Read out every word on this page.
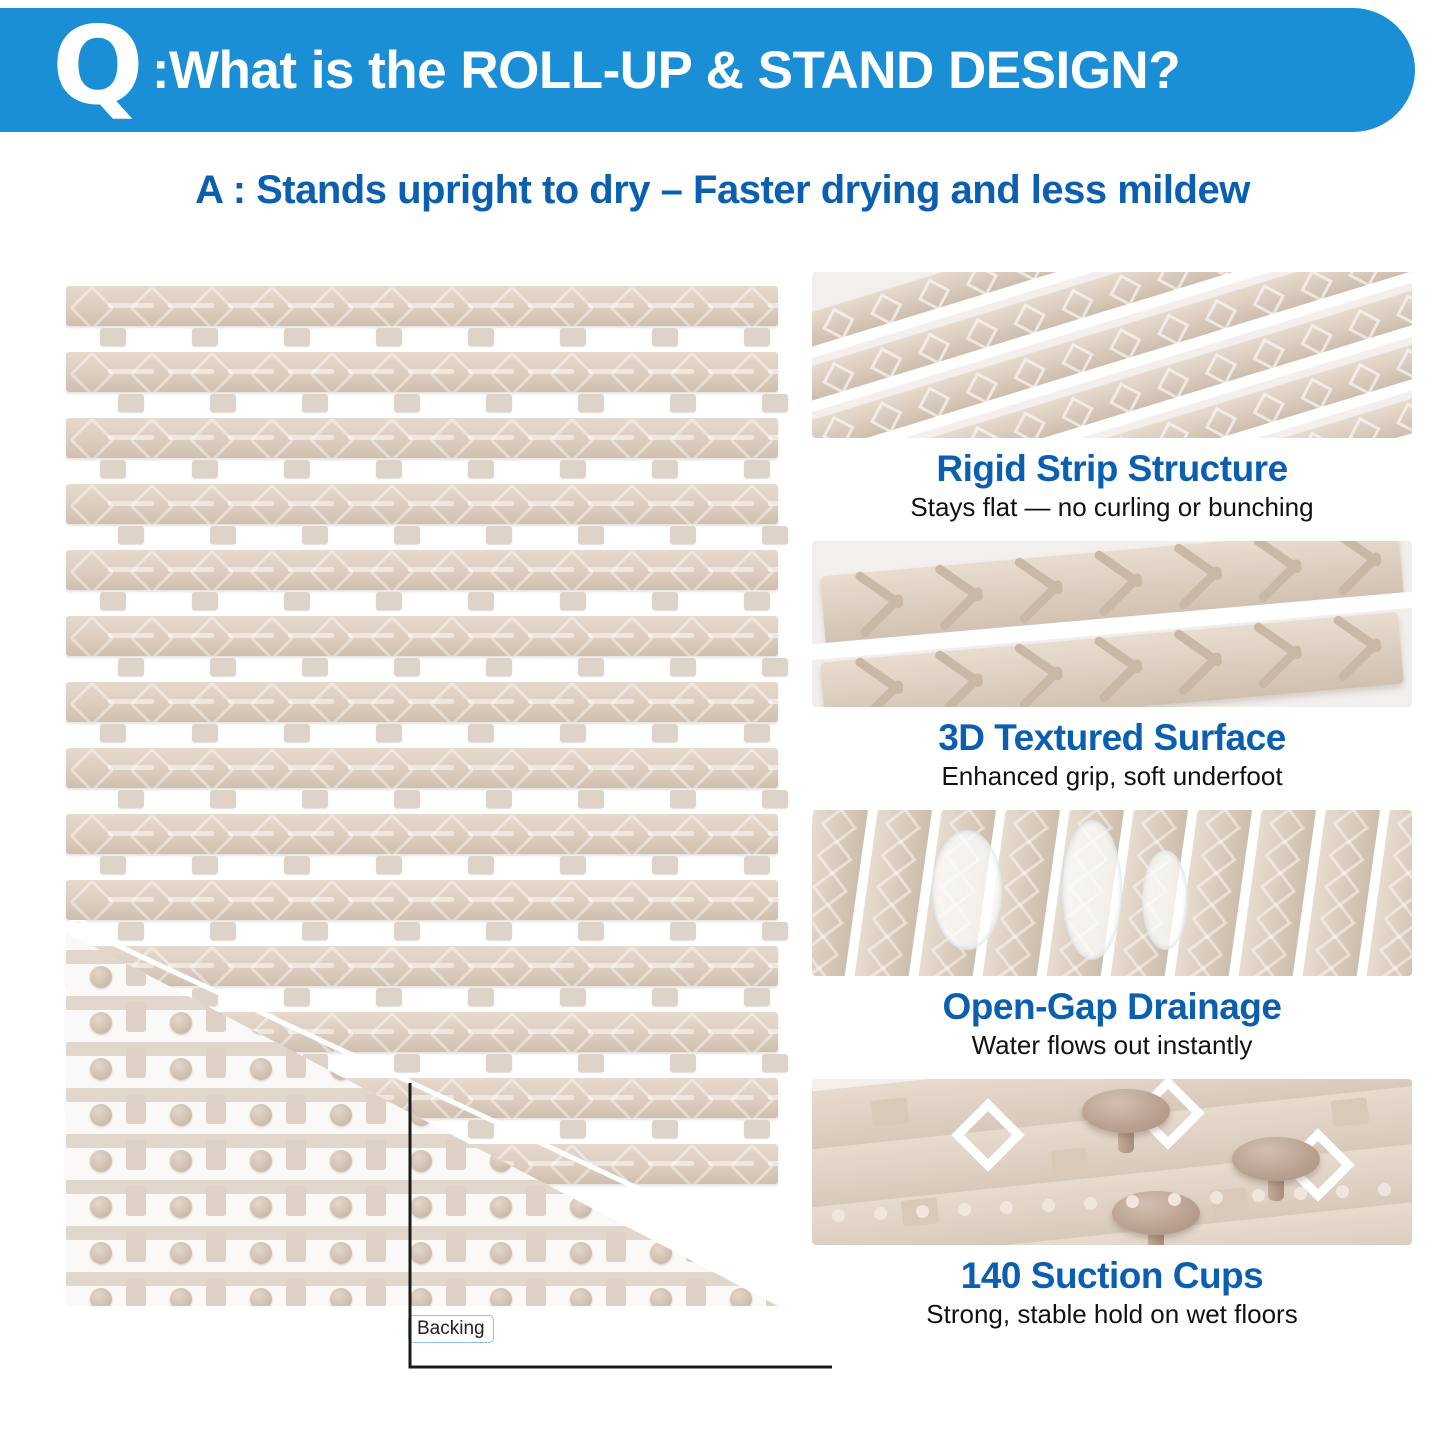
Q :What is the ROLL-UP & STAND DESIGN?
A : Stands upright to dry – Faster drying and less mildew
Backing
Rigid Strip Structure
Stays flat — no curling or bunching
3D Textured Surface
Enhanced grip, soft underfoot
Open-Gap Drainage
Water flows out instantly
140 Suction Cups
Strong, stable hold on wet floors
